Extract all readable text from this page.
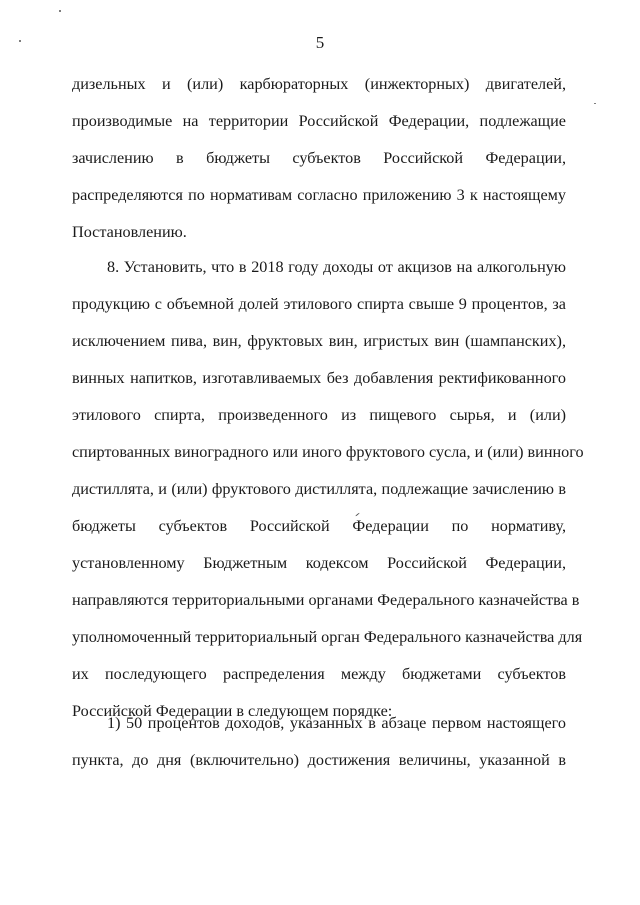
5
дизельных и (или) карбюраторных (инжекторных) двигателей,
производимые на территории Российской Федерации, подлежащие
зачислению в бюджеты субъектов Российской Федерации,
распределяются по нормативам согласно приложению 3 к настоящему
Постановлению.
8. Установить, что в 2018 году доходы от акцизов на алкогольную
продукцию с объемной долей этилового спирта свыше 9 процентов, за
исключением пива, вин, фруктовых вин, игристых вин (шампанских),
винных напитков, изготавливаемых без добавления ректификованного
этилового спирта, произведенного из пищевого сырья, и (или)
спиртованных виноградного или иного фруктового сусла, и (или) винного
дистиллята, и (или) фруктового дистиллята, подлежащие зачислению в
бюджеты субъектов Российской Федерации по нормативу,
установленному Бюджетным кодексом Российской Федерации,
направляются территориальными органами Федерального казначейства в
уполномоченный территориальный орган Федерального казначейства для
их последующего распределения между бюджетами субъектов
Российской Федерации в следующем порядке:
1) 50 процентов доходов, указанных в абзаце первом настоящего
пункта, до дня (включительно) достижения величины, указанной в
